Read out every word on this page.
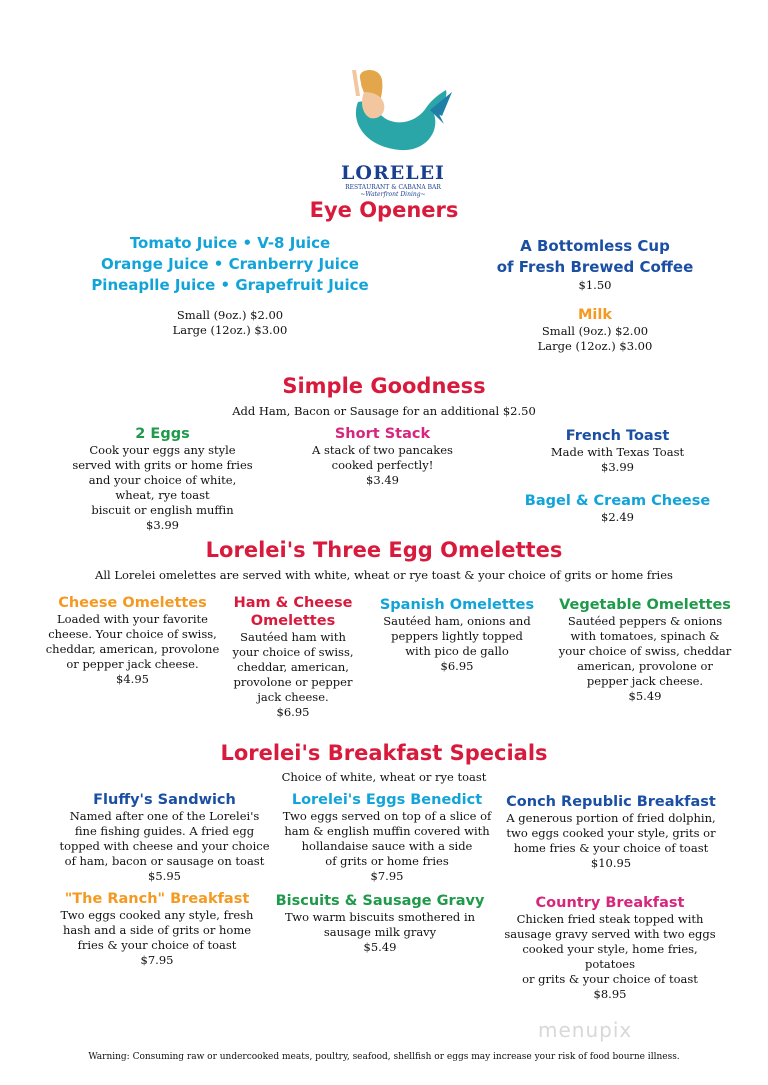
LORELEI
RESTAURANT & CABANA BAR
~Waterfront Dining~
Eye Openers
Tomato Juice • V-8 Juice
Orange Juice • Cranberry Juice
Pineaplle Juice • Grapefruit Juice
Small (9oz.) $2.00
Large (12oz.) $3.00
A Bottomless Cup
of Fresh Brewed Coffee
$1.50
Milk
Small (9oz.) $2.00
Large (12oz.) $3.00
Simple Goodness
Add Ham, Bacon or Sausage for an additional $2.50
2 Eggs
Cook your eggs any style
served with grits or home fries
and your choice of white,
wheat, rye toast
biscuit or english muffin
$3.99
Short Stack
A stack of two pancakes
cooked perfectly!
$3.49
French Toast
Made with Texas Toast
$3.99
Bagel & Cream Cheese
$2.49
Lorelei's Three Egg Omelettes
All Lorelei omelettes are served with white, wheat or rye toast & your choice of grits or home fries
Cheese Omelettes
Loaded with your favorite
cheese. Your choice of swiss,
cheddar, american, provolone
or pepper jack cheese.
$4.95
Ham & Cheese
Omelettes
Sautéed ham with
your choice of swiss,
cheddar, american,
provolone or pepper
jack cheese.
$6.95
Spanish Omelettes
Sautéed ham, onions and
peppers lightly topped
with pico de gallo
$6.95
Vegetable Omelettes
Sautéed peppers & onions
with tomatoes, spinach &
your choice of swiss, cheddar
american, provolone or
pepper jack cheese.
$5.49
Lorelei's Breakfast Specials
Choice of white, wheat or rye toast
Fluffy's Sandwich
Named after one of the Lorelei's
fine fishing guides. A fried egg
topped with cheese and your choice
of ham, bacon or sausage on toast
$5.95
Lorelei's Eggs Benedict
Two eggs served on top of a slice of
ham & english muffin covered with
hollandaise sauce with a side
of grits or home fries
$7.95
Conch Republic Breakfast
A generous portion of fried dolphin,
two eggs cooked your style, grits or
home fries & your choice of toast
$10.95
"The Ranch" Breakfast
Two eggs cooked any style, fresh
hash and a side of grits or home
fries & your choice of toast
$7.95
Biscuits & Sausage Gravy
Two warm biscuits smothered in
sausage milk gravy
$5.49
Country Breakfast
Chicken fried steak topped with
sausage gravy served with two eggs
cooked your style, home fries, potatoes
or grits & your choice of toast
$8.95
menupix
Warning: Consuming raw or undercooked meats, poultry, seafood, shellfish or eggs may increase your risk of food bourne illness.
